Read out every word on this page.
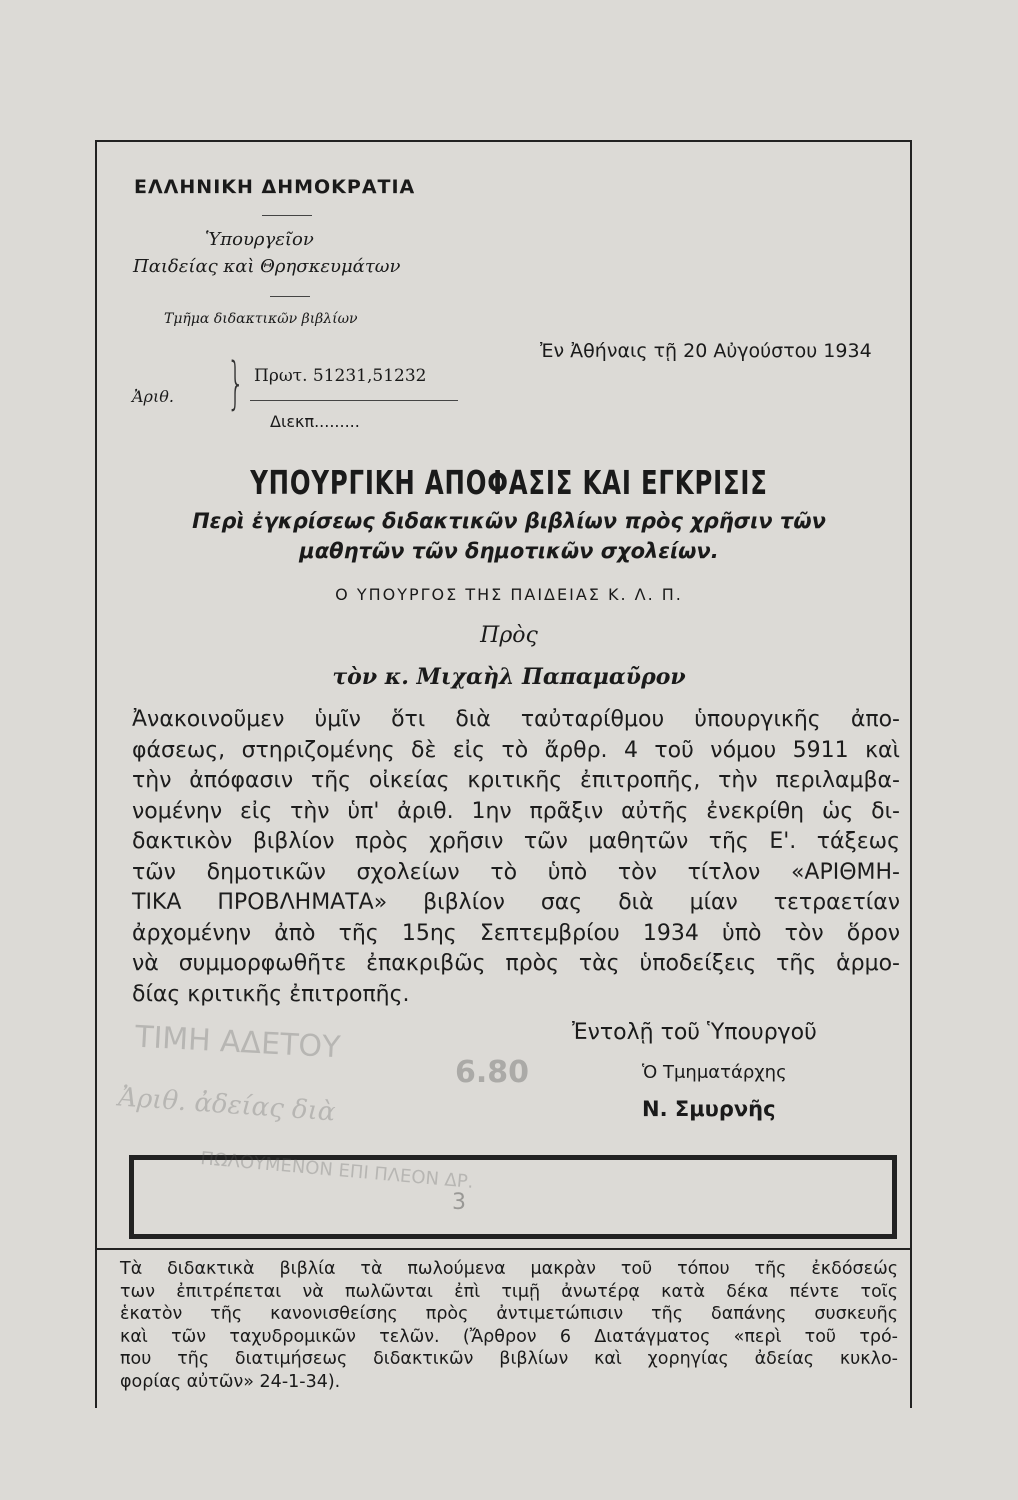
ΕΛΛΗΝΙΚΗ ΔΗΜΟΚΡΑΤΙΑ
Ὑπουργεῖον
Παιδείας καὶ Θρησκευμάτων
Τμῆμα διδακτικῶν βιβλίων
Ἀριθ. } Πρωτ. 51231,51232
Διεκπ.........
Ἐν Ἀθήναις τῇ 20 Αὐγούστου 1934
ΥΠΟΥΡΓΙΚΗ ΑΠΟΦΑΣΙΣ ΚΑΙ ΕΓΚΡΙΣΙΣ
Περὶ ἐγκρίσεως διδακτικῶν βιβλίων πρὸς χρῆσιν τῶν
μαθητῶν τῶν δημοτικῶν σχολείων.
Ο ΥΠΟΥΡΓΟΣ ΤΗΣ ΠΑΙΔΕΙΑΣ Κ. Λ. Π.
Πρὸς
τὸν κ. Μιχαὴλ Παπαμαῦρον
Ἀνακοινοῦμεν ὑμῖν ὅτι διὰ ταὐταρίθμου ὑπουργικῆς ἀπο-
φάσεως, στηριζομένης δὲ εἰς τὸ ἄρθρ. 4 τοῦ νόμου 5911 καὶ
τὴν ἀπόφασιν τῆς οἰκείας κριτικῆς ἐπιτροπῆς, τὴν περιλαμβα-
νομένην εἰς τὴν ὑπ' ἀριθ. 1ην πρᾶξιν αὐτῆς ἐνεκρίθη ὡς δι-
δακτικὸν βιβλίον πρὸς χρῆσιν τῶν μαθητῶν τῆς Ε'. τάξεως
τῶν δημοτικῶν σχολείων τὸ ὑπὸ τὸν τίτλον «ΑΡΙΘΜΗ-
ΤΙΚΑ ΠΡΟΒΛΗΜΑΤΑ» βιβλίον σας διὰ μίαν τετραετίαν
ἀρχομένην ἀπὸ τῆς 15ης Σεπτεμβρίου 1934 ὑπὸ τὸν ὅρον
νὰ συμμορφωθῆτε ἐπακριβῶς πρὸς τὰς ὑποδείξεις τῆς ἁρμο-
δίας κριτικῆς ἐπιτροπῆς.
Ἐντολῇ τοῦ Ὑπουργοῦ
Ὁ Τμηματάρχης
Ν. Σμυρνῆς
ΤΙΜΗ ΑΔΕΤΟΥ
6.80
Ἀριθ. ἀδείας διὰ
ΠΩΛΟΥΜΕΝΟΝ ΕΠΙ ΠΛΕΟΝ ΔΡ.
3
Τὰ διδακτικὰ βιβλία τὰ πωλούμενα μακρὰν τοῦ τόπου τῆς ἐκδόσεώς
των ἐπιτρέπεται νὰ πωλῶνται ἐπὶ τιμῇ ἀνωτέρᾳ κατὰ δέκα πέντε τοῖς
ἑκατὸν τῆς κανονισθείσης πρὸς ἀντιμετώπισιν τῆς δαπάνης συσκευῆς
καὶ τῶν ταχυδρομικῶν τελῶν. (Ἄρθρον 6 Διατάγματος «περὶ τοῦ τρό-
που τῆς διατιμήσεως διδακτικῶν βιβλίων καὶ χορηγίας ἀδείας κυκλο-
φορίας αὐτῶν» 24-1-34).
